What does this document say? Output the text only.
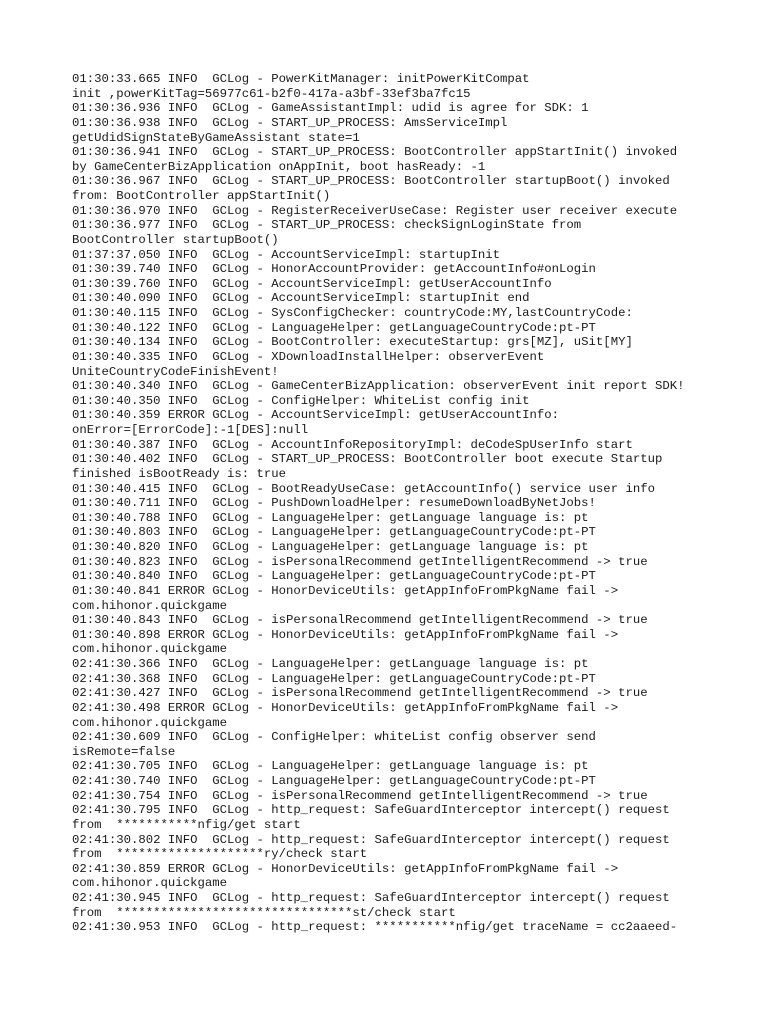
01:30:33.665 INFO  GCLog - PowerKitManager: initPowerKitCompat
init ,powerKitTag=56977c61-b2f0-417a-a3bf-33ef3ba7fc15
01:30:36.936 INFO  GCLog - GameAssistantImpl: udid is agree for SDK: 1
01:30:36.938 INFO  GCLog - START_UP_PROCESS: AmsServiceImpl
getUdidSignStateByGameAssistant state=1
01:30:36.941 INFO  GCLog - START_UP_PROCESS: BootController appStartInit() invoked
by GameCenterBizApplication onAppInit, boot hasReady: -1
01:30:36.967 INFO  GCLog - START_UP_PROCESS: BootController startupBoot() invoked
from: BootController appStartInit()
01:30:36.970 INFO  GCLog - RegisterReceiverUseCase: Register user receiver execute
01:30:36.977 INFO  GCLog - START_UP_PROCESS: checkSignLoginState from
BootController startupBoot()
01:37:37.050 INFO  GCLog - AccountServiceImpl: startupInit
01:30:39.740 INFO  GCLog - HonorAccountProvider: getAccountInfo#onLogin
01:30:39.760 INFO  GCLog - AccountServiceImpl: getUserAccountInfo
01:30:40.090 INFO  GCLog - AccountServiceImpl: startupInit end
01:30:40.115 INFO  GCLog - SysConfigChecker: countryCode:MY,lastCountryCode:
01:30:40.122 INFO  GCLog - LanguageHelper: getLanguageCountryCode:pt-PT
01:30:40.134 INFO  GCLog - BootController: executeStartup: grs[MZ], uSit[MY]
01:30:40.335 INFO  GCLog - XDownloadInstallHelper: observerEvent
UniteCountryCodeFinishEvent!
01:30:40.340 INFO  GCLog - GameCenterBizApplication: observerEvent init report SDK!
01:30:40.350 INFO  GCLog - ConfigHelper: WhiteList config init
01:30:40.359 ERROR GCLog - AccountServiceImpl: getUserAccountInfo:
onError=[ErrorCode]:-1[DES]:null
01:30:40.387 INFO  GCLog - AccountInfoRepositoryImpl: deCodeSpUserInfo start
01:30:40.402 INFO  GCLog - START_UP_PROCESS: BootController boot execute Startup
finished isBootReady is: true
01:30:40.415 INFO  GCLog - BootReadyUseCase: getAccountInfo() service user info
01:30:40.711 INFO  GCLog - PushDownloadHelper: resumeDownloadByNetJobs!
01:30:40.788 INFO  GCLog - LanguageHelper: getLanguage language is: pt
01:30:40.803 INFO  GCLog - LanguageHelper: getLanguageCountryCode:pt-PT
01:30:40.820 INFO  GCLog - LanguageHelper: getLanguage language is: pt
01:30:40.823 INFO  GCLog - isPersonalRecommend getIntelligentRecommend -> true
01:30:40.840 INFO  GCLog - LanguageHelper: getLanguageCountryCode:pt-PT
01:30:40.841 ERROR GCLog - HonorDeviceUtils: getAppInfoFromPkgName fail ->
com.hihonor.quickgame
01:30:40.843 INFO  GCLog - isPersonalRecommend getIntelligentRecommend -> true
01:30:40.898 ERROR GCLog - HonorDeviceUtils: getAppInfoFromPkgName fail ->
com.hihonor.quickgame
02:41:30.366 INFO  GCLog - LanguageHelper: getLanguage language is: pt
02:41:30.368 INFO  GCLog - LanguageHelper: getLanguageCountryCode:pt-PT
02:41:30.427 INFO  GCLog - isPersonalRecommend getIntelligentRecommend -> true
02:41:30.498 ERROR GCLog - HonorDeviceUtils: getAppInfoFromPkgName fail ->
com.hihonor.quickgame
02:41:30.609 INFO  GCLog - ConfigHelper: whiteList config observer send
isRemote=false
02:41:30.705 INFO  GCLog - LanguageHelper: getLanguage language is: pt
02:41:30.740 INFO  GCLog - LanguageHelper: getLanguageCountryCode:pt-PT
02:41:30.754 INFO  GCLog - isPersonalRecommend getIntelligentRecommend -> true
02:41:30.795 INFO  GCLog - http_request: SafeGuardInterceptor intercept() request
from  ***********nfig/get start
02:41:30.802 INFO  GCLog - http_request: SafeGuardInterceptor intercept() request
from  ********************ry/check start
02:41:30.859 ERROR GCLog - HonorDeviceUtils: getAppInfoFromPkgName fail ->
com.hihonor.quickgame
02:41:30.945 INFO  GCLog - http_request: SafeGuardInterceptor intercept() request
from  ********************************st/check start
02:41:30.953 INFO  GCLog - http_request: ***********nfig/get traceName = cc2aaeed-
